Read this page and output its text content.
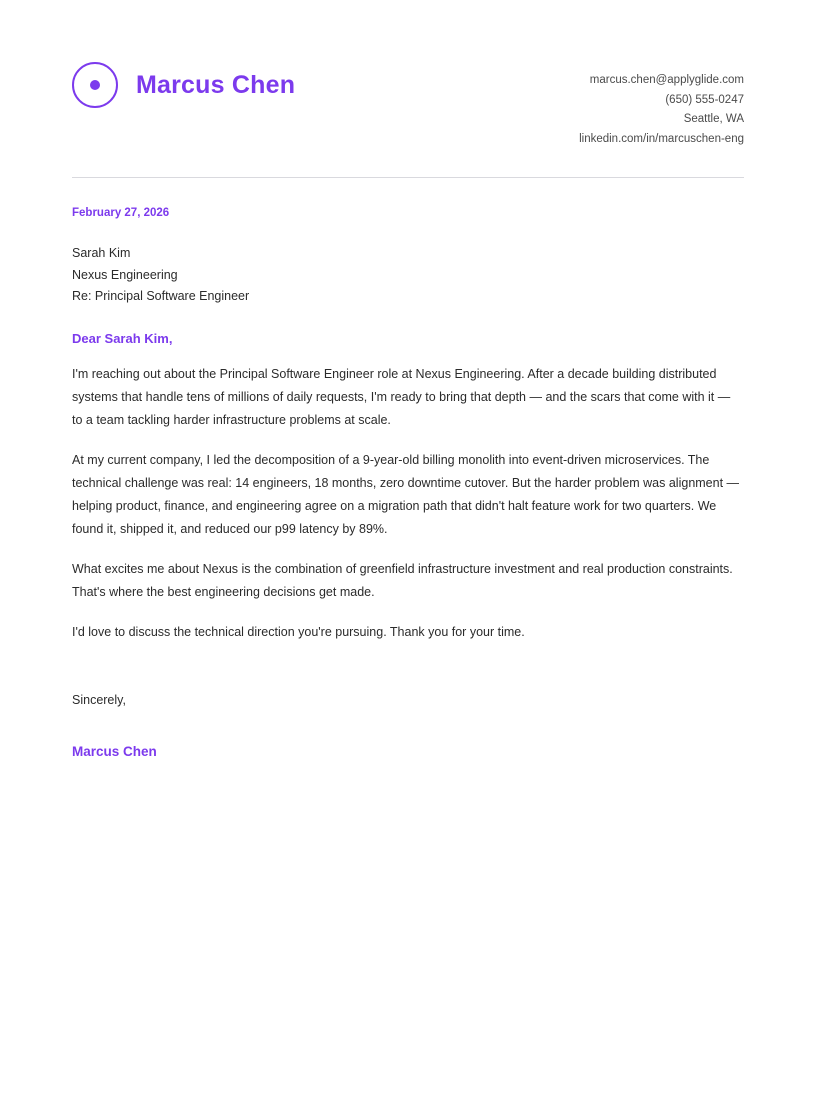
Marcus Chen	marcus.chen@applyglide.com
(650) 555-0247
Seattle, WA
linkedin.com/in/marcuschen-eng
February 27, 2026
Sarah Kim
Nexus Engineering
Re: Principal Software Engineer
Dear Sarah Kim,
I'm reaching out about the Principal Software Engineer role at Nexus Engineering. After a decade building distributed systems that handle tens of millions of daily requests, I'm ready to bring that depth — and the scars that come with it — to a team tackling harder infrastructure problems at scale.
At my current company, I led the decomposition of a 9-year-old billing monolith into event-driven microservices. The technical challenge was real: 14 engineers, 18 months, zero downtime cutover. But the harder problem was alignment — helping product, finance, and engineering agree on a migration path that didn't halt feature work for two quarters. We found it, shipped it, and reduced our p99 latency by 89%.
What excites me about Nexus is the combination of greenfield infrastructure investment and real production constraints. That's where the best engineering decisions get made.
I'd love to discuss the technical direction you're pursuing. Thank you for your time.
Sincerely,
Marcus Chen
